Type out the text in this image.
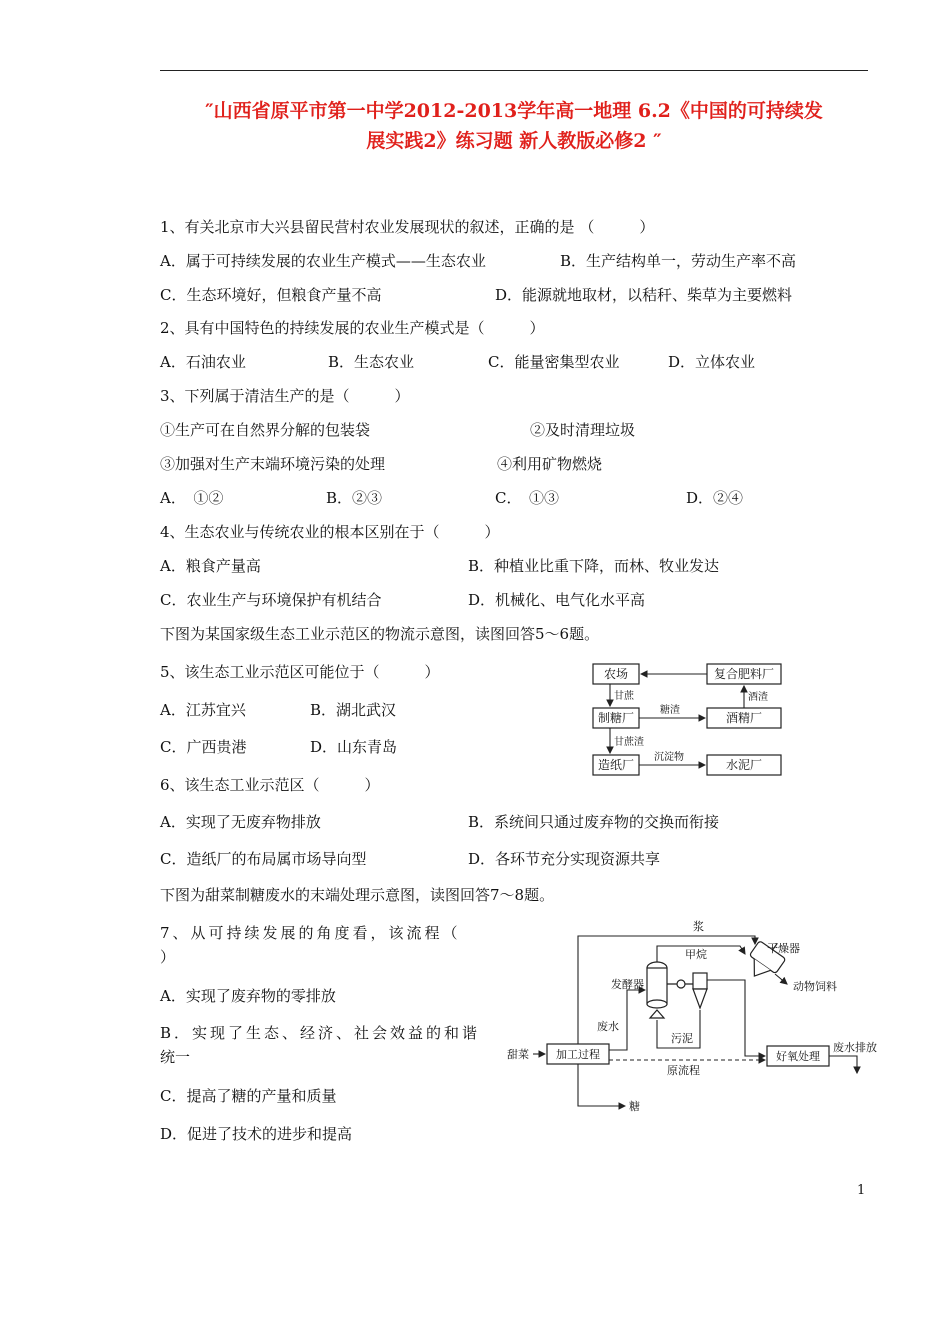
″山西省原平市第一中学2012-2013学年高一地理 6.2《中国的可持续发
展实践2》练习题 新人教版必修2 ″
1、有关北京市大兴县留民营村农业发展现状的叙述，正确的是 （　　　）
A．属于可持续发展的农业生产模式——生态农业	B．生产结构单一，劳动生产率不高
C．生态环境好，但粮食产量不高	D．能源就地取材，以秸秆、柴草为主要燃料
2、具有中国特色的持续发展的农业生产模式是（　　　）
A．石油农业	B．生态农业	C．能量密集型农业	D．立体农业
3、下列属于清洁生产的是（　　　）
①生产可在自然界分解的包装袋	②及时清理垃圾
③加强对生产末端环境污染的处理	④利用矿物燃烧
A．　①②	B．②③	C．　①③	D．②④
4、生态农业与传统农业的根本区别在于（　　　）
A．粮食产量高	B．种植业比重下降，而林、牧业发达
C．农业生产与环境保护有机结合	D．机械化、电气化水平高
下图为某国家级生态工业示范区的物流示意图，读图回答5～6题。
5、该生态工业示范区可能位于（　　　）
A．江苏宜兴	B．湖北武汉
C．广西贵港	D．山东青岛
农场	复合肥料厂
制糖厂	酒精厂
造纸厂	水泥厂
甘蔗
糖渣
酒渣
甘蔗渣
沉淀物
6、该生态工业示范区（　　　）
A．实现了无废弃物排放	B．系统间只通过废弃物的交换而衔接
C．造纸厂的布局属市场导向型	D．各环节充分实现资源共享
下图为甜菜制糖废水的末端处理示意图，读图回答7～8题。
7、从可持续发展的角度看，该流程（
）
A．实现了废弃物的零排放
B．实现了生态、经济、社会效益的和谐
统一
C．提高了糖的产量和质量
D．促进了技术的进步和提高
甜菜 加工过程	好氧处理
废水排放
发酵器
干燥器
动物饲料
浆
甲烷
废水
污泥
原流程
糖
1
